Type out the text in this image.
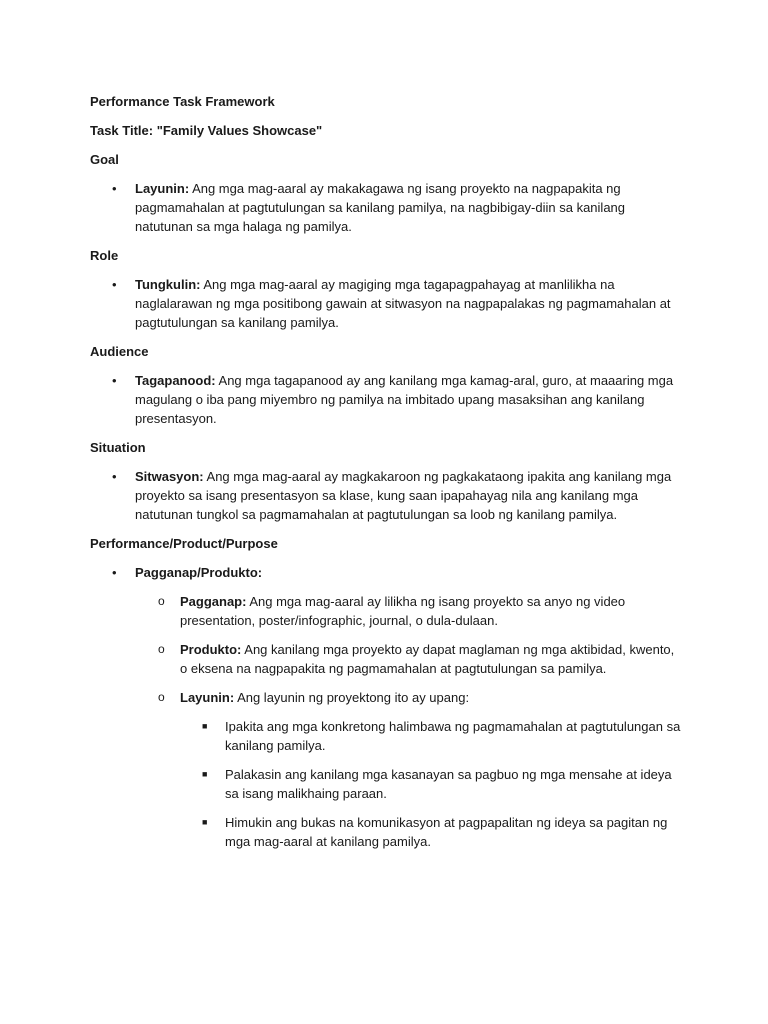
Performance Task Framework
Task Title: "Family Values Showcase"
Goal
• Layunin: Ang mga mag-aaral ay makakagawa ng isang proyekto na nagpapakita ng pagmamahalan at pagtutulungan sa kanilang pamilya, na nagbibigay-diin sa kanilang natutunan sa mga halaga ng pamilya.
Role
• Tungkulin: Ang mga mag-aaral ay magiging mga tagapagpahayag at manlilikha na naglalarawan ng mga positibong gawain at sitwasyon na nagpapalakas ng pagmamahalan at pagtutulungan sa kanilang pamilya.
Audience
• Tagapanood: Ang mga tagapanood ay ang kanilang mga kamag-aral, guro, at maaaring mga magulang o iba pang miyembro ng pamilya na imbitado upang masaksihan ang kanilang presentasyon.
Situation
• Sitwasyon: Ang mga mag-aaral ay magkakaroon ng pagkakataong ipakita ang kanilang mga proyekto sa isang presentasyon sa klase, kung saan ipapahayag nila ang kanilang mga natutunan tungkol sa pagmamahalan at pagtutulungan sa loob ng kanilang pamilya.
Performance/Product/Purpose
• Pagganap/Produkto:
o Pagganap: Ang mga mag-aaral ay lilikha ng isang proyekto sa anyo ng video presentation, poster/infographic, journal, o dula-dulaan.
o Produkto: Ang kanilang mga proyekto ay dapat maglaman ng mga aktibidad, kwento, o eksena na nagpapakita ng pagmamahalan at pagtutulungan sa pamilya.
o Layunin: Ang layunin ng proyektong ito ay upang:
■ Ipakita ang mga konkretong halimbawa ng pagmamahalan at pagtutulungan sa kanilang pamilya.
■ Palakasin ang kanilang mga kasanayan sa pagbuo ng mga mensahe at ideya sa isang malikhaing paraan.
■ Himukin ang bukas na komunikasyon at pagpapalitan ng ideya sa pagitan ng mga mag-aaral at kanilang pamilya.
